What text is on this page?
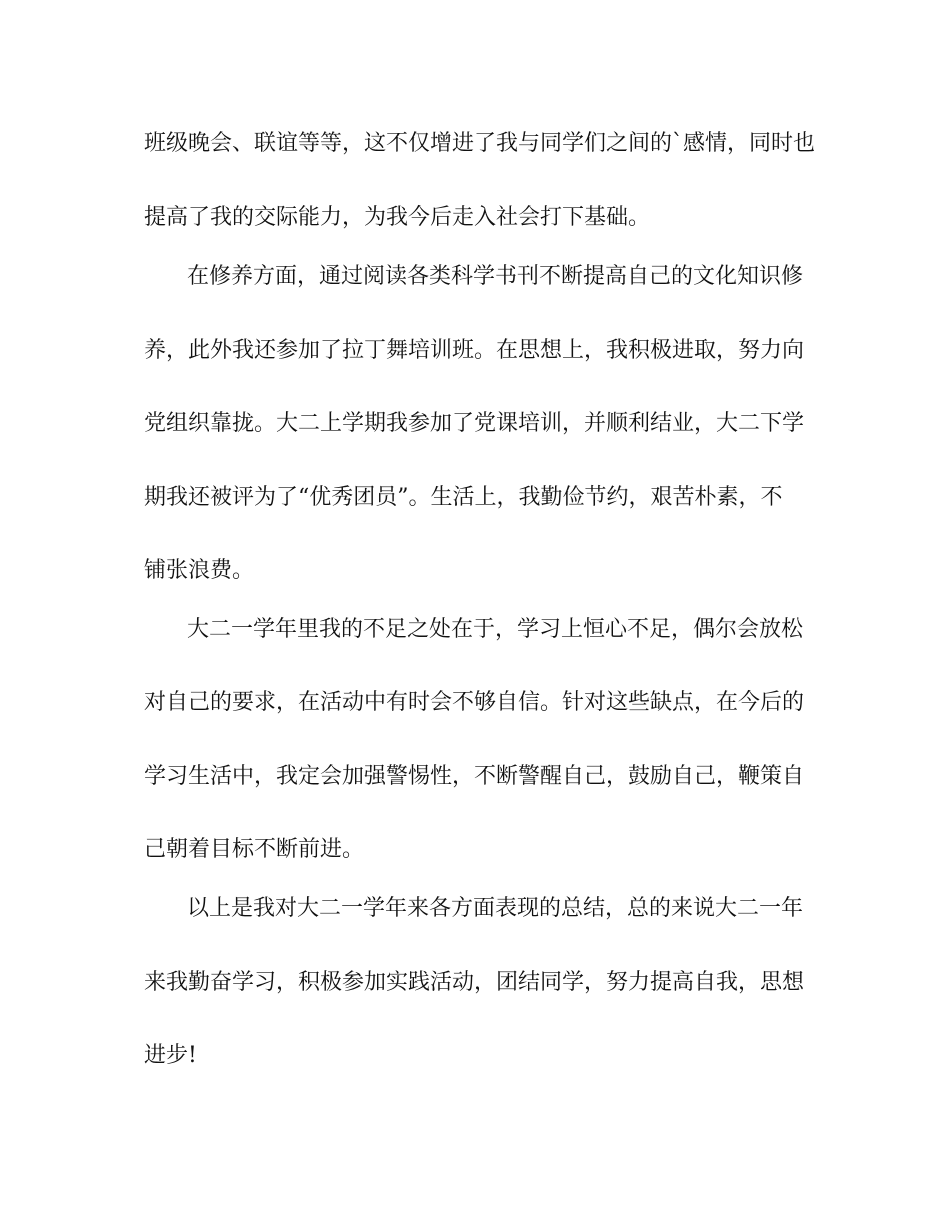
班级晚会、联谊等等，这不仅增进了我与同学们之间的`感情，同时也
提高了我的交际能力，为我今后走入社会打下基础。
在修养方面，通过阅读各类科学书刊不断提高自己的文化知识修
养，此外我还参加了拉丁舞培训班。在思想上，我积极进取，努力向
党组织靠拢。大二上学期我参加了党课培训，并顺利结业，大二下学
期我还被评为了“优秀团员”。生活上，我勤俭节约，艰苦朴素，不
铺张浪费。
大二一学年里我的不足之处在于，学习上恒心不足，偶尔会放松
对自己的要求，在活动中有时会不够自信。针对这些缺点，在今后的
学习生活中，我定会加强警惕性，不断警醒自己，鼓励自己，鞭策自
己朝着目标不断前进。
以上是我对大二一学年来各方面表现的总结，总的来说大二一年
来我勤奋学习，积极参加实践活动，团结同学，努力提高自我，思想
进步!
